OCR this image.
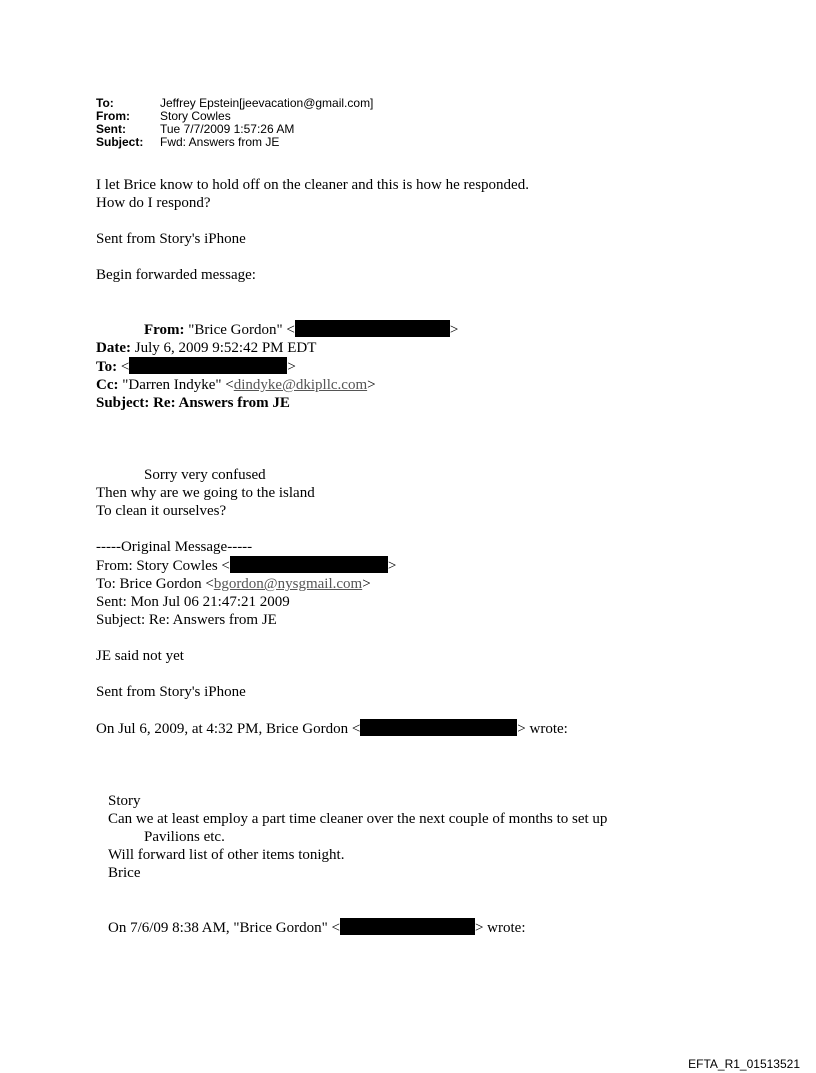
To:	Jeffrey Epstein[jeevacation@gmail.com]
From:	Story Cowles
Sent:	Tue 7/7/2009 1:57:26 AM
Subject:	Fwd: Answers from JE

I let Brice know to hold off on the cleaner and this is how he responded.

How do I respond?

Sent from Story's iPhone

Begin forwarded message:

From: "Brice Gordon" <	>

Date: July 6, 2009 9:52:42 PM EDT

To: <	>

Cc: "Darren Indyke" <dindyke@dkipllc.com>

Subject: Re: Answers from JE

Sorry very confused

Then why are we going to the island

To clean it ourselves?

-----Original Message-----

From: Story Cowles <	>

To: Brice Gordon <bgordon@nysgmail.com>

Sent: Mon Jul 06 21:47:21 2009

Subject: Re: Answers from JE

JE said not yet

Sent from Story's iPhone

On Jul 6, 2009, at 4:32 PM, Brice Gordon <	> wrote:

Story

Can we at least employ a part time cleaner over the next couple of months to set up

Pavilions etc.

Will forward list of other items tonight.

Brice

On 7/6/09 8:38 AM, "Brice Gordon" <	> wrote:

EFTA_R1_01513521
